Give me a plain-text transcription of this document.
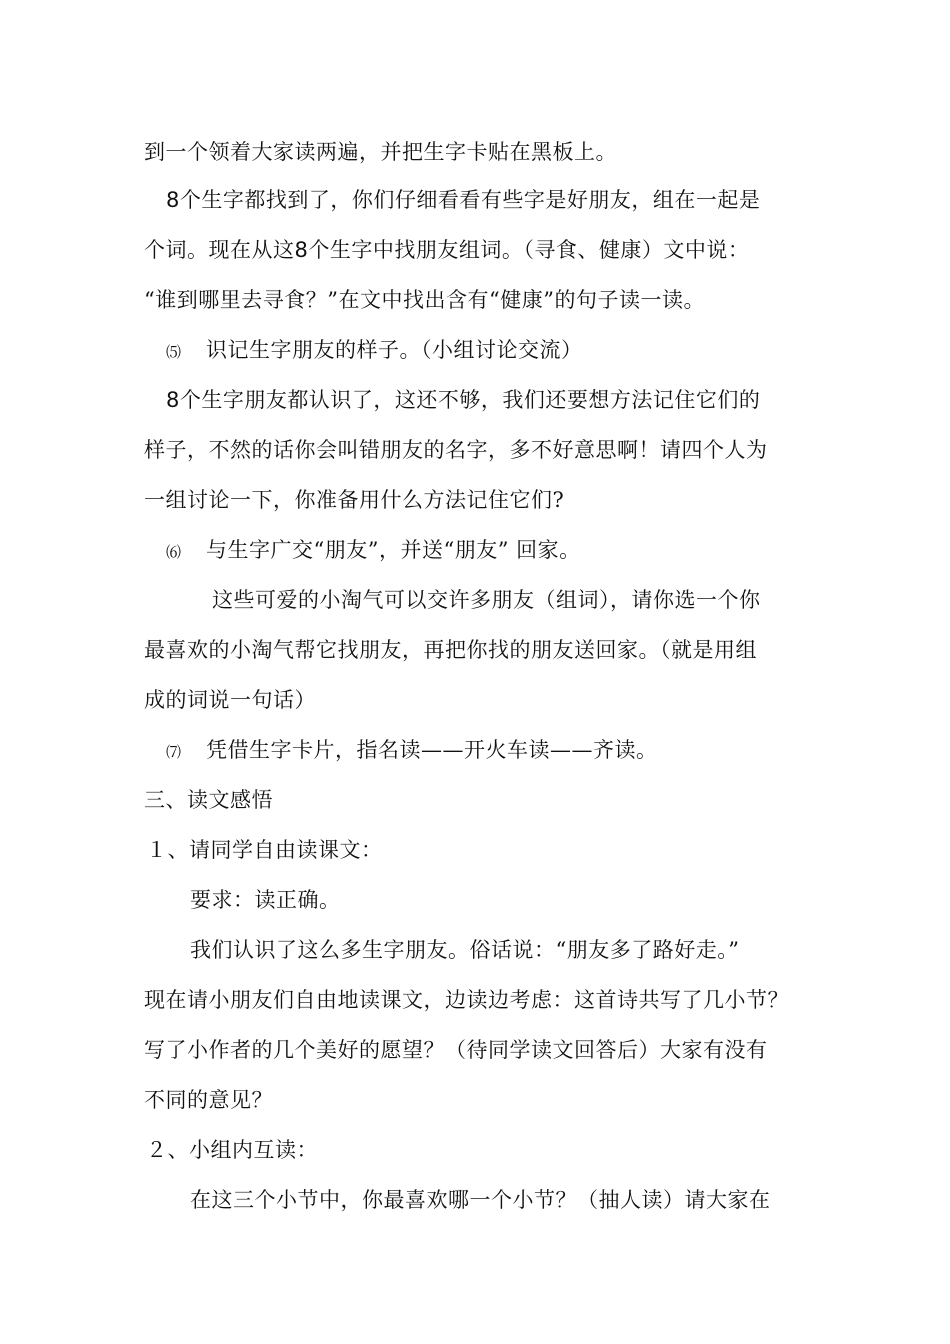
到一个领着大家读两遍，并把生字卡贴在黑板上。
8个生字都找到了，你们仔细看看有些字是好朋友，组在一起是
个词。现在从这8个生字中找朋友组词。（寻食、健康）文中说：
“谁到哪里去寻食？”在文中找出含有“健康”的句子读一读。
⑸ 识记生字朋友的样子。（小组讨论交流）
8个生字朋友都认识了，这还不够，我们还要想方法记住它们的
样子，不然的话你会叫错朋友的名字，多不好意思啊！请四个人为
一组讨论一下，你准备用什么方法记住它们?
⑹ 与生字广交“朋友”，并送“朋友” 回家。
这些可爱的小淘气可以交许多朋友（组词），请你选一个你
最喜欢的小淘气帮它找朋友，再把你找的朋友送回家。（就是用组
成的词说一句话）
⑺ 凭借生字卡片，指名读——开火车读——齐读。
三、读文感悟
１、请同学自由读课文：
要求：读正确。
我们认识了这么多生字朋友。俗话说：“朋友多了路好走。”
现在请小朋友们自由地读课文，边读边考虑：这首诗共写了几小节？
写了小作者的几个美好的愿望？（待同学读文回答后）大家有没有
不同的意见？
２、小组内互读：
在这三个小节中，你最喜欢哪一个小节？（抽人读）请大家在
